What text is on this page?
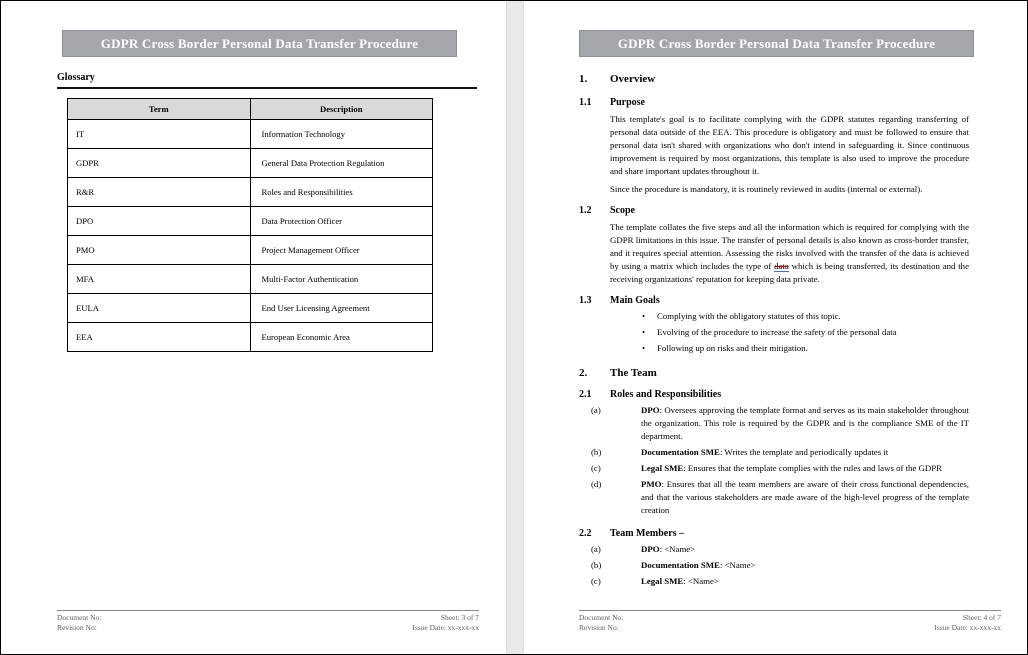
GDPR Cross Border Personal Data Transfer Procedure
Glossary
Term	Description
IT	Information Technology
GDPR	General Data Protection Regulation
R&R	Roles and Responsibilities
DPO	Data Protection Officer
PMO	Project Management Officer
MFA	Multi-Factor Authentication
EULA	End User Licensing Agreement
EEA	European Economic Area
Document No:
Revision No:
Sheet: 3 of 7
Issue Date: xx-xxx-xx
GDPR Cross Border Personal Data Transfer Procedure
1.	Overview
1.1	Purpose

This template's goal is to facilitate complying with the GDPR statutes regarding transferring of personal data outside of the EEA. This procedure is obligatory and must be followed to ensure that personal data isn't shared with organizations who don't intend in safeguarding it. Since continuous improvement is required by most organizations, this template is also used to improve the procedure and share important updates throughout it.

Since the procedure is mandatory, it is routinely reviewed in audits (internal or external).

1.2	Scope

The template collates the five steps and all the information which is required for complying with the GDPR limitations in this issue. The transfer of personal details is also known as cross-border transfer, and it requires special attention. Assessing the risks involved with the transfer of the data is achieved by using a matrix which includes the type of data which is being transferred, its destination and the receiving organizations' reputation for keeping data private.

1.3	Main Goals
•	Complying with the obligatory statutes of this topic.
•	Evolving of the procedure to increase the safety of the personal data
•	Following up on risks and their mitigation.
2.	The Team
2.1	Roles and Responsibilities
(a)	DPO: Oversees approving the template format and serves as its main stakeholder throughout the organization. This role is required by the GDPR and is the compliance SME of the IT department.
(b)	Documentation SME: Writes the template and periodically updates it
(c)	Legal SME: Ensures that the template complies with the rules and laws of the GDPR
(d)	PMO: Ensures that all the team members are aware of their cross functional dependencies, and that the various stakeholders are made aware of the high-level progress of the template creation
2.2	Team Members –
(a)	DPO: <Name>
(b)	Documentation SME: <Name>
(c)	Legal SME: <Name>
Document No:
Revision No:
Sheet: 4 of 7
Issue Date: xx-xxx-xx
